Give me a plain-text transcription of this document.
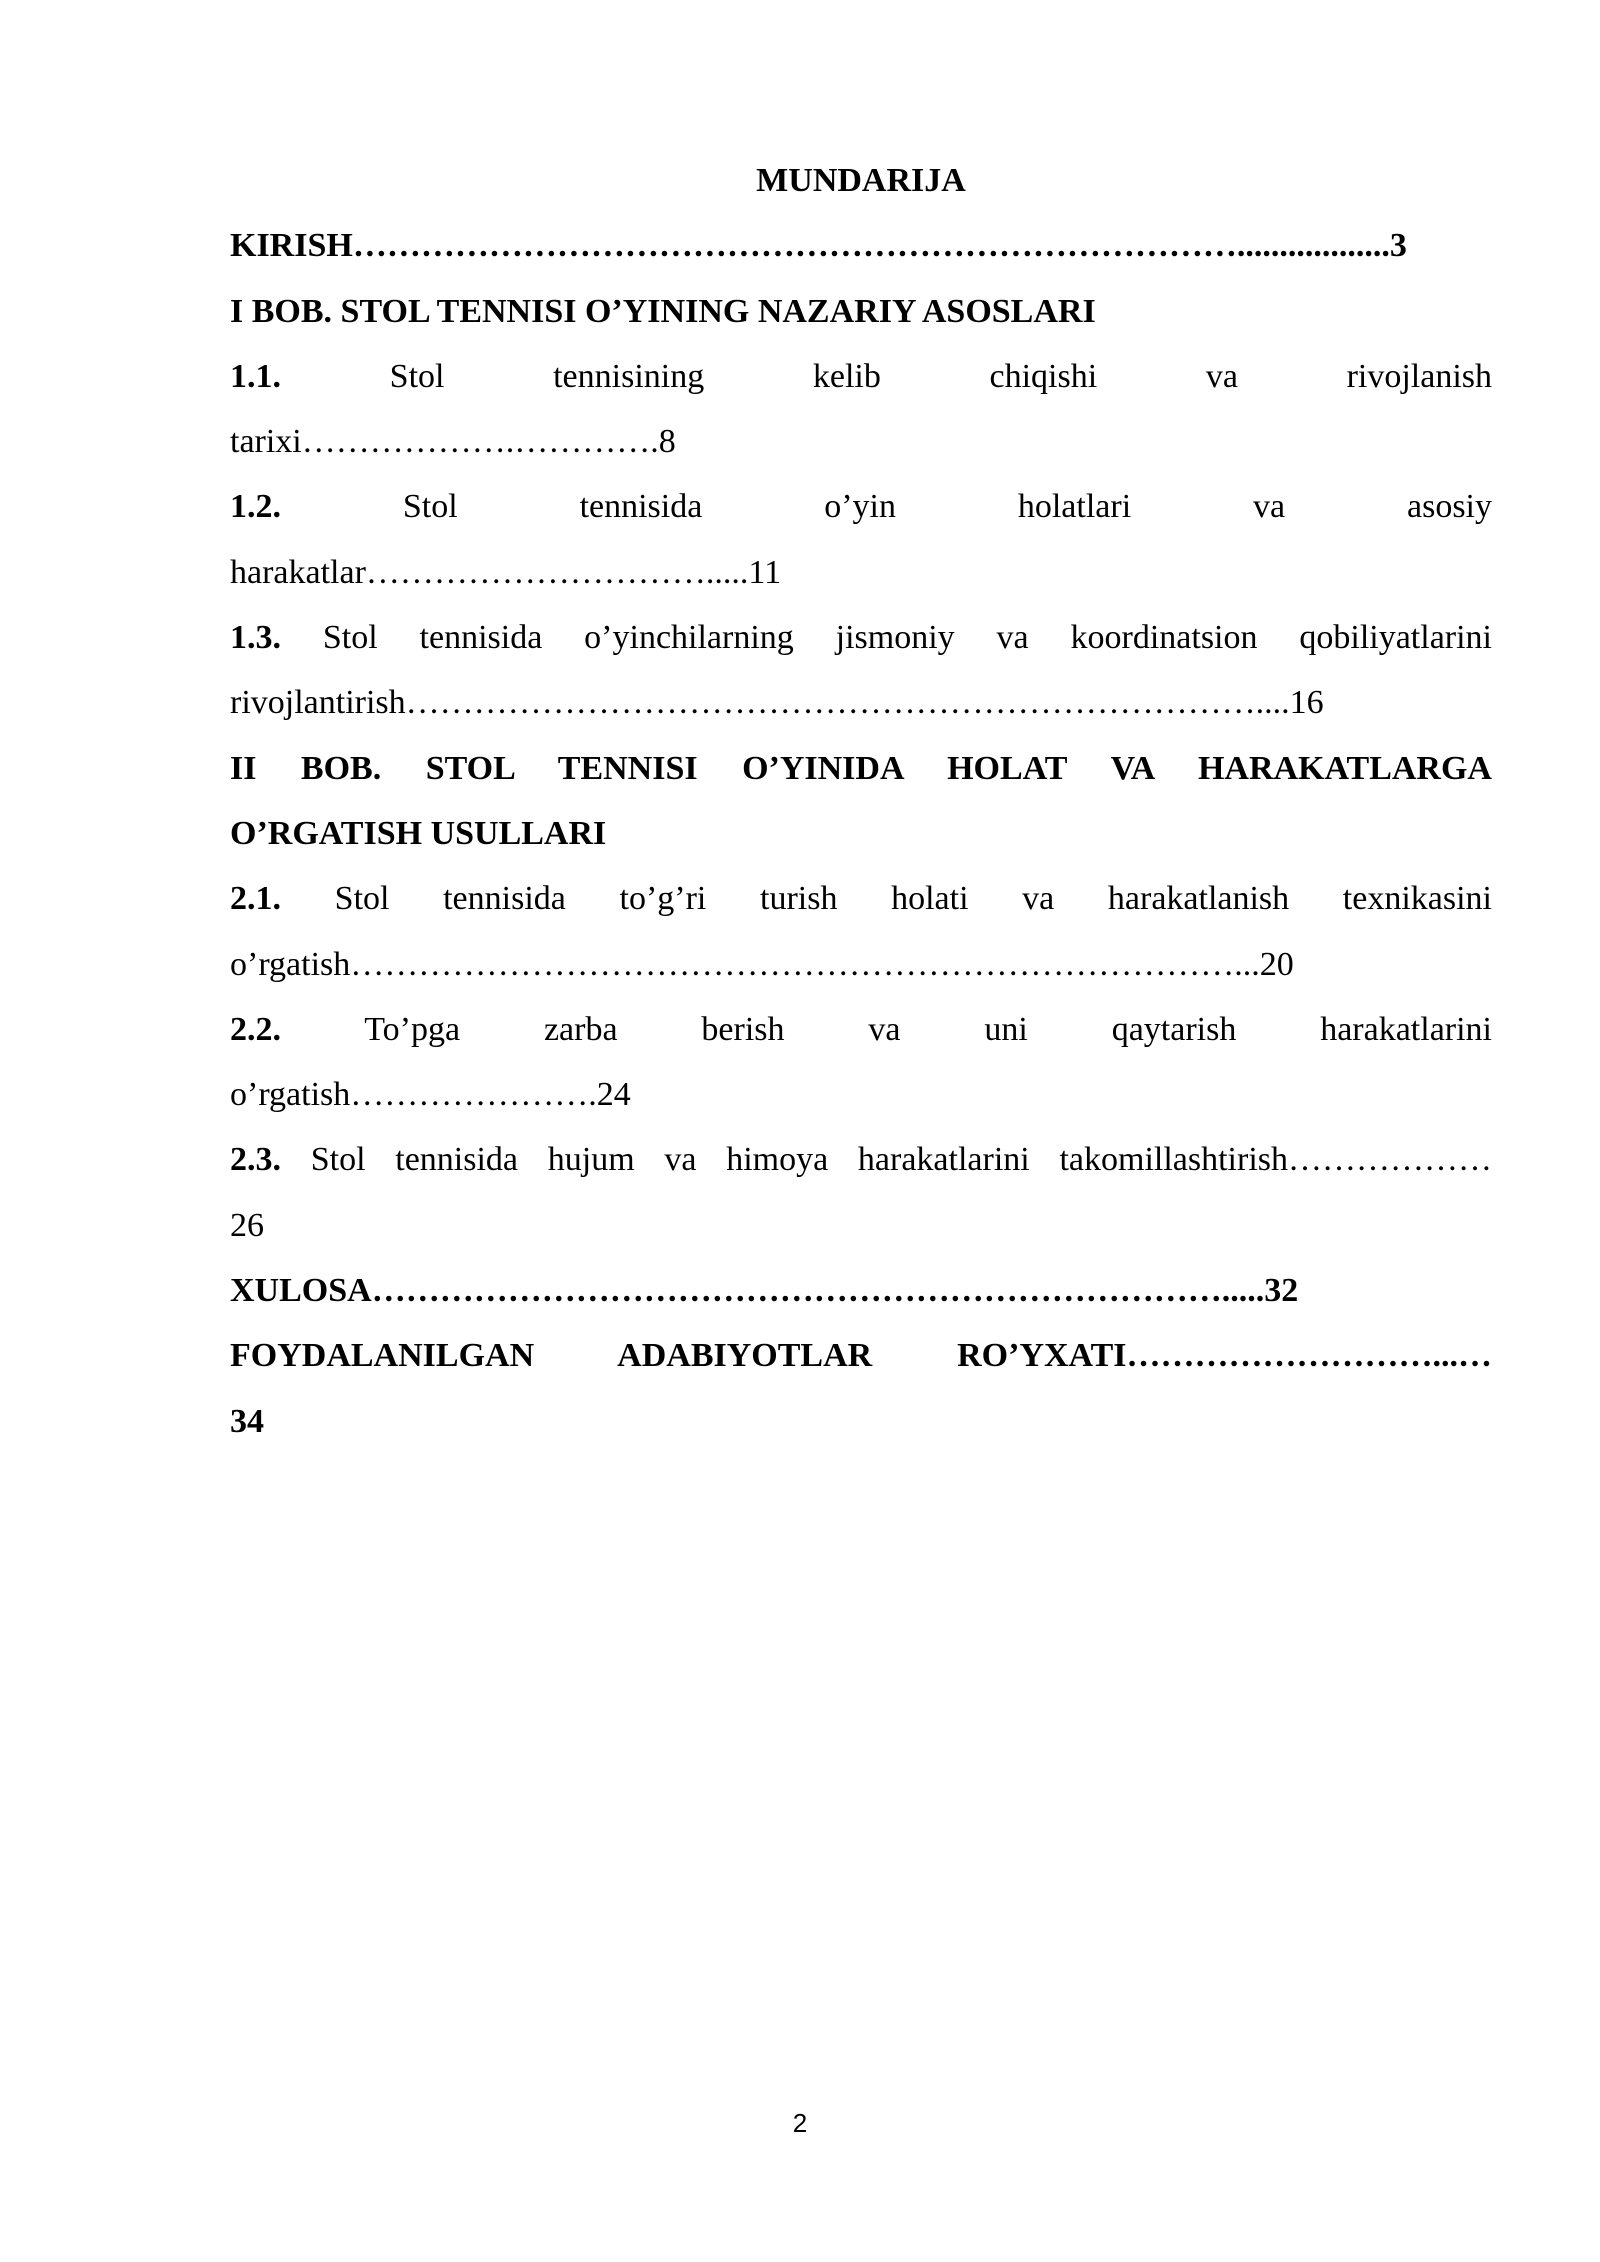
MUNDARIJA

KIRISH……………………………………………………………………..................3

I BOB. STOL TENNISI O’YINING NAZARIY ASOSLARI

1.1.	Stol tennisining kelib chiqishi va rivojlanish

tarixi……………….………….8

1.2.	Stol tennisida o’yin holatlari va asosiy

harakatlar………………………….....11

1.3. Stol tennisida o’yinchilarning jismoniy va koordinatsion qobiliyatlarini

rivojlantirish…………………………………………………………………....16

II BOB. STOL TENNISI O’YINIDA HOLAT VA HARAKATLARGA

O’RGATISH USULLARI

2.1. Stol tennisida to’g’ri turish holati va harakatlanish texnikasini

o’rgatish……………………………………………………………………...20

2.2. To’pga zarba berish va uni qaytarish harakatlarini

o’rgatish………………….24

2.3. Stol tennisida hujum va himoya harakatlarini takomillashtirish………………

26

XULOSA………………………………………………………………….....32

FOYDALANILGAN ADABIYOTLAR RO’YXATI………………………...…

34

2
